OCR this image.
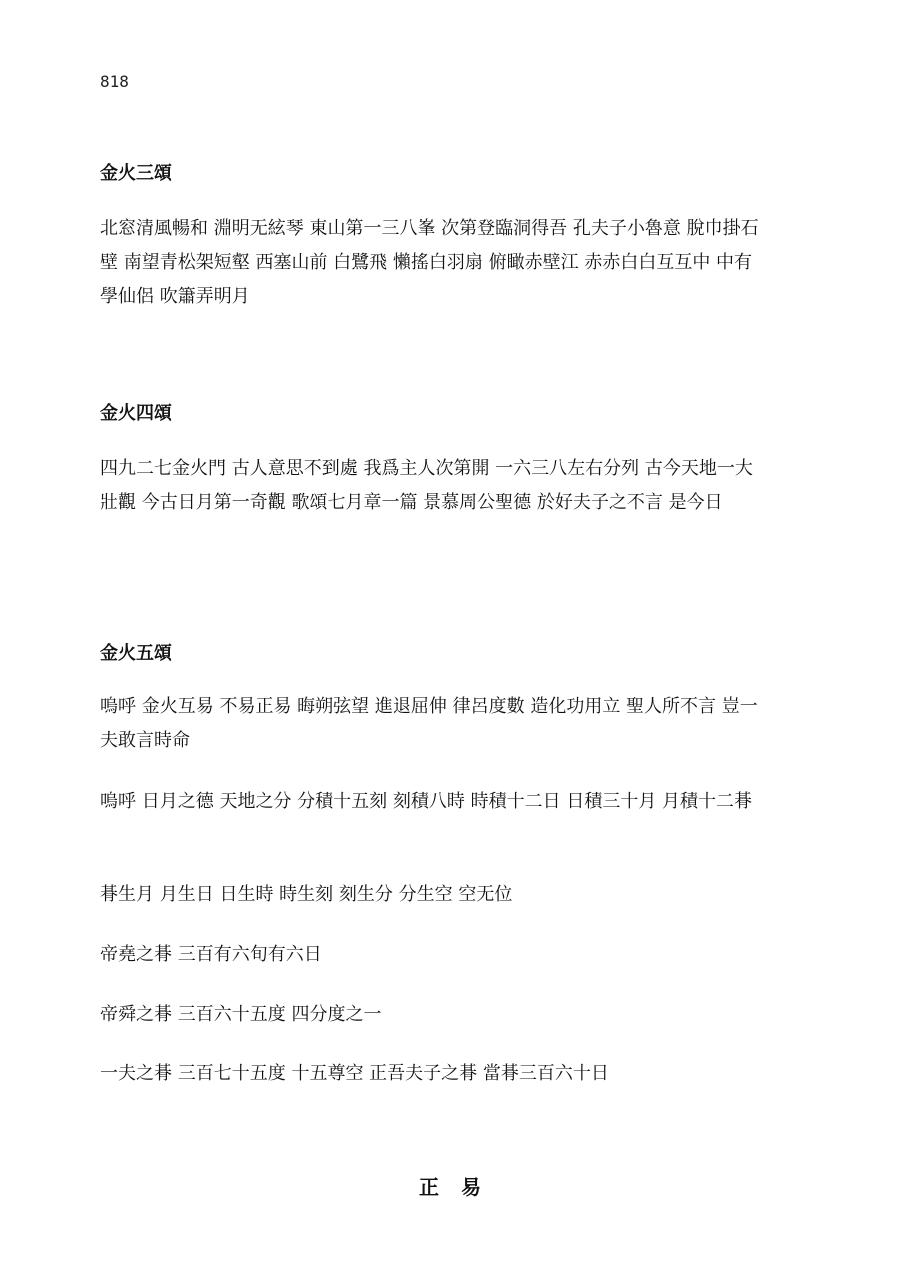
818
金火三頌

北窓清風暢和 淵明无絃琴 東山第一三八峯 次第登臨洞得吾 孔夫子小魯意 脫巾掛石壁 南望青松架短壑 西塞山前 白鷺飛 懶搖白羽扇 俯瞰赤壁江 赤赤白白互互中 中有學仙侶 吹簫弄明月

金火四頌

四九二七金火門 古人意思不到處 我爲主人次第開 一六三八左右分列 古今天地一大壯觀 今古日月第一奇觀 歌頌七月章一篇 景慕周公聖德 於好夫子之不言 是今日

金火五頌

嗚呼 金火互易 不易正易 晦朔弦望 進退屈伸 律呂度數 造化功用立 聖人所不言 豈一夫敢言時命

嗚呼 日月之德 天地之分 分積十五刻 刻積八時 時積十二日 日積三十月 月積十二朞

朞生月 月生日 日生時 時生刻 刻生分 分生空 空无位

帝堯之朞 三百有六旬有六日

帝舜之朞 三百六十五度 四分度之一

一夫之朞 三百七十五度 十五尊空 正吾夫子之朞 當朞三百六十日

正易
